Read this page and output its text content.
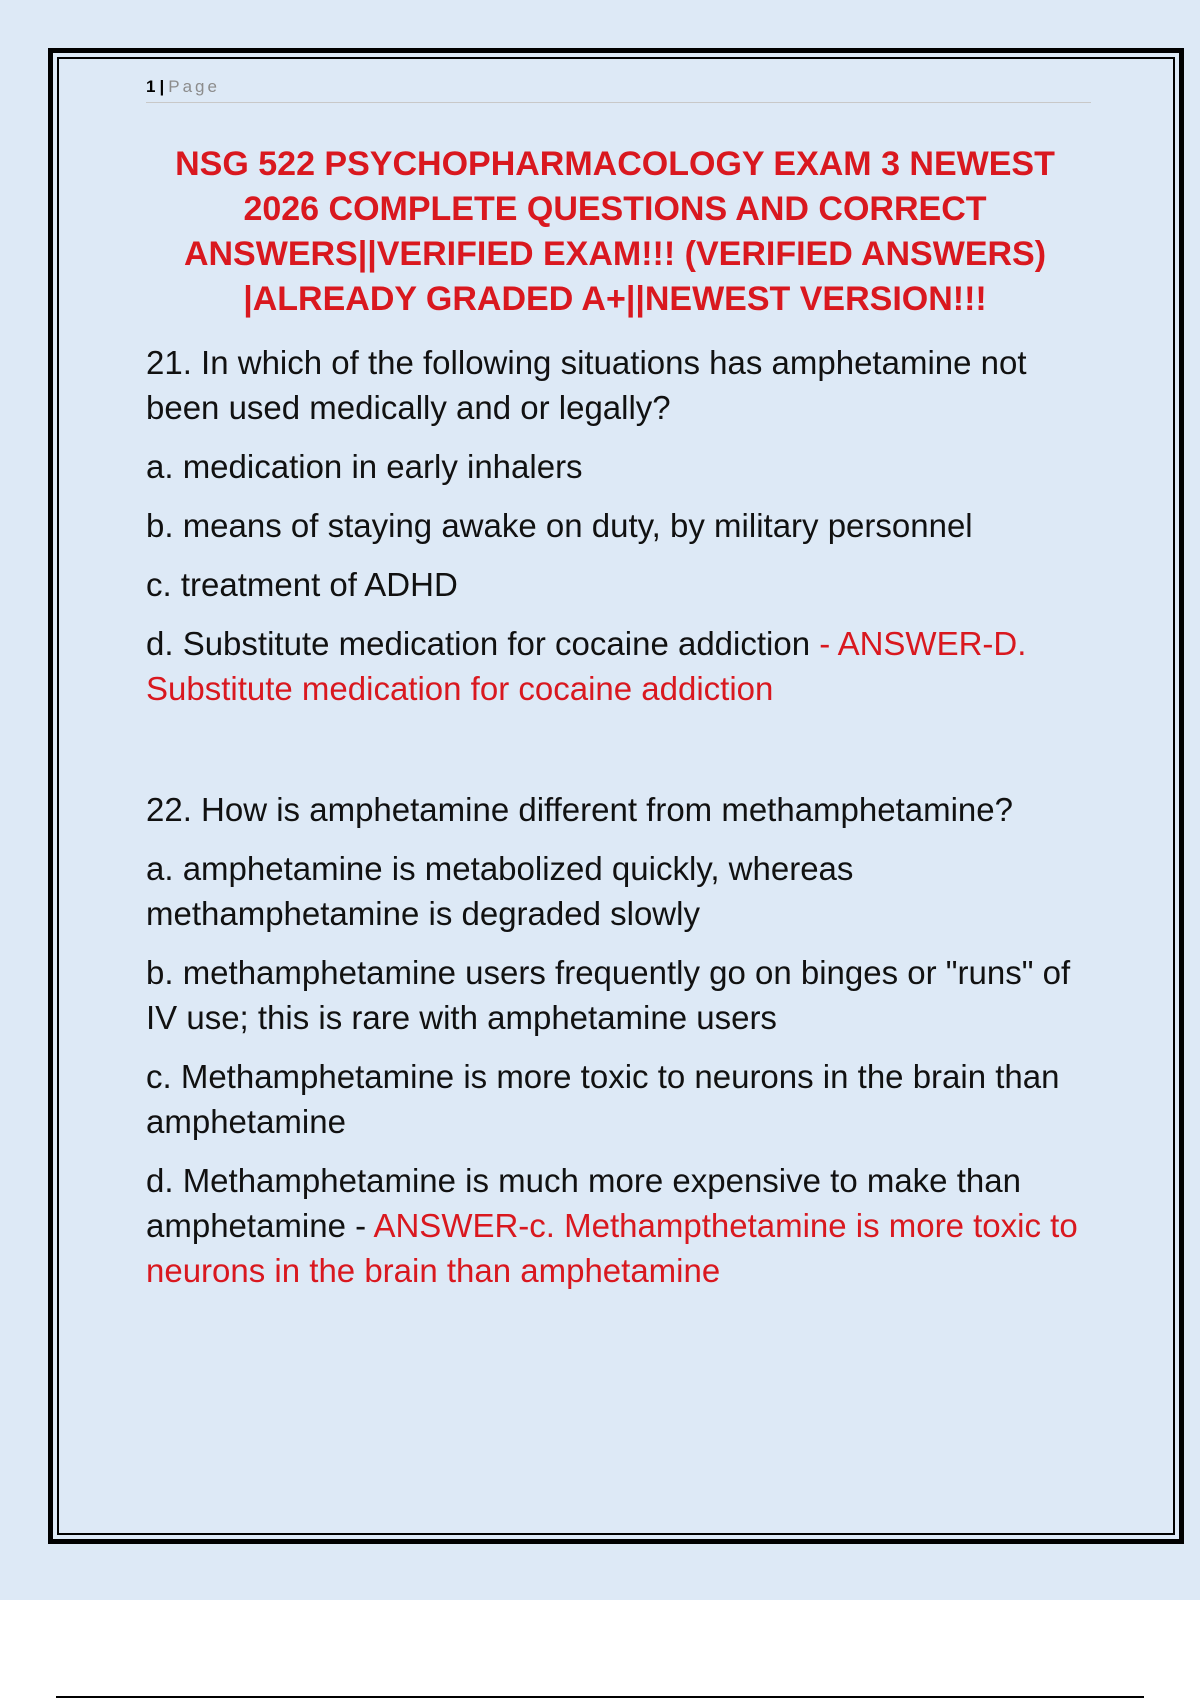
1 | Page
NSG 522 PSYCHOPHARMACOLOGY EXAM 3 NEWEST 2026 COMPLETE QUESTIONS AND CORRECT ANSWERS||VERIFIED EXAM!!! (VERIFIED ANSWERS) |ALREADY GRADED A+||NEWEST VERSION!!!

21. In which of the following situations has amphetamine not been used medically and or legally?

a. medication in early inhalers

b. means of staying awake on duty, by military personnel

c. treatment of ADHD

d. Substitute medication for cocaine addiction - ANSWER-D. Substitute medication for cocaine addiction

22. How is amphetamine different from methamphetamine?

a. amphetamine is metabolized quickly, whereas methamphetamine is degraded slowly

b. methamphetamine users frequently go on binges or "runs" of IV use; this is rare with amphetamine users

c. Methamphetamine is more toxic to neurons in the brain than amphetamine

d. Methamphetamine is much more expensive to make than amphetamine - ANSWER-c. Methampthetamine is more toxic to neurons in the brain than amphetamine
